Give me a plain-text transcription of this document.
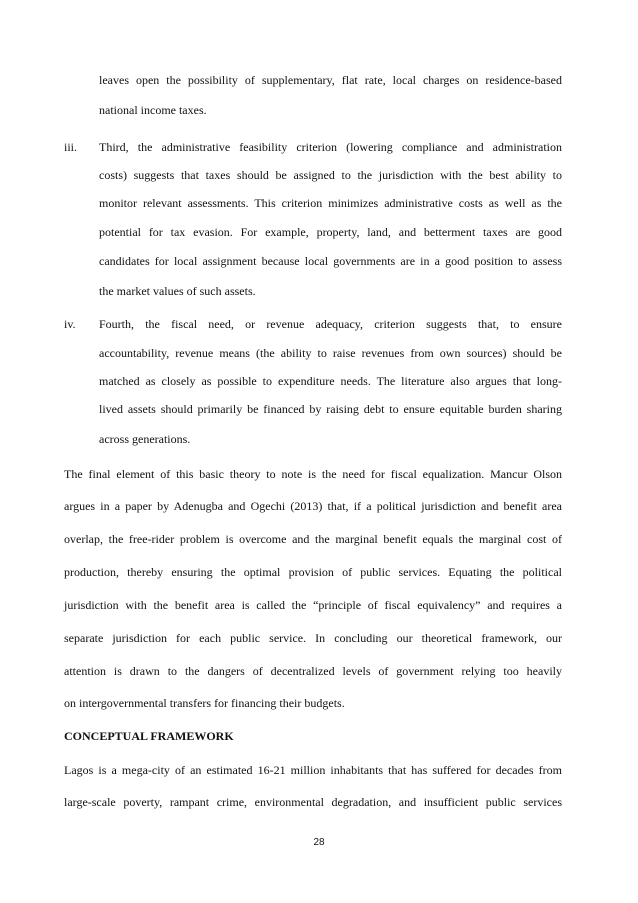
leaves open the possibility of supplementary, flat rate, local charges on residence-based
national income taxes.
iii. Third, the administrative feasibility criterion (lowering compliance and administration
costs) suggests that taxes should be assigned to the jurisdiction with the best ability to
monitor relevant assessments. This criterion minimizes administrative costs as well as the
potential for tax evasion. For example, property, land, and betterment taxes are good
candidates for local assignment because local governments are in a good position to assess
the market values of such assets.
iv. Fourth, the fiscal need, or revenue adequacy, criterion suggests that, to ensure
accountability, revenue means (the ability to raise revenues from own sources) should be
matched as closely as possible to expenditure needs. The literature also argues that long-
lived assets should primarily be financed by raising debt to ensure equitable burden sharing
across generations.
The final element of this basic theory to note is the need for fiscal equalization. Mancur Olson
argues in a paper by Adenugba and Ogechi (2013) that, if a political jurisdiction and benefit area
overlap, the free-rider problem is overcome and the marginal benefit equals the marginal cost of
production, thereby ensuring the optimal provision of public services. Equating the political
jurisdiction with the benefit area is called the “principle of fiscal equivalency” and requires a
separate jurisdiction for each public service. In concluding our theoretical framework, our
attention is drawn to the dangers of decentralized levels of government relying too heavily
on intergovernmental transfers for financing their budgets.
CONCEPTUAL FRAMEWORK
Lagos is a mega-city of an estimated 16-21 million inhabitants that has suffered for decades from
large-scale poverty, rampant crime, environmental degradation, and insufficient public services
28
